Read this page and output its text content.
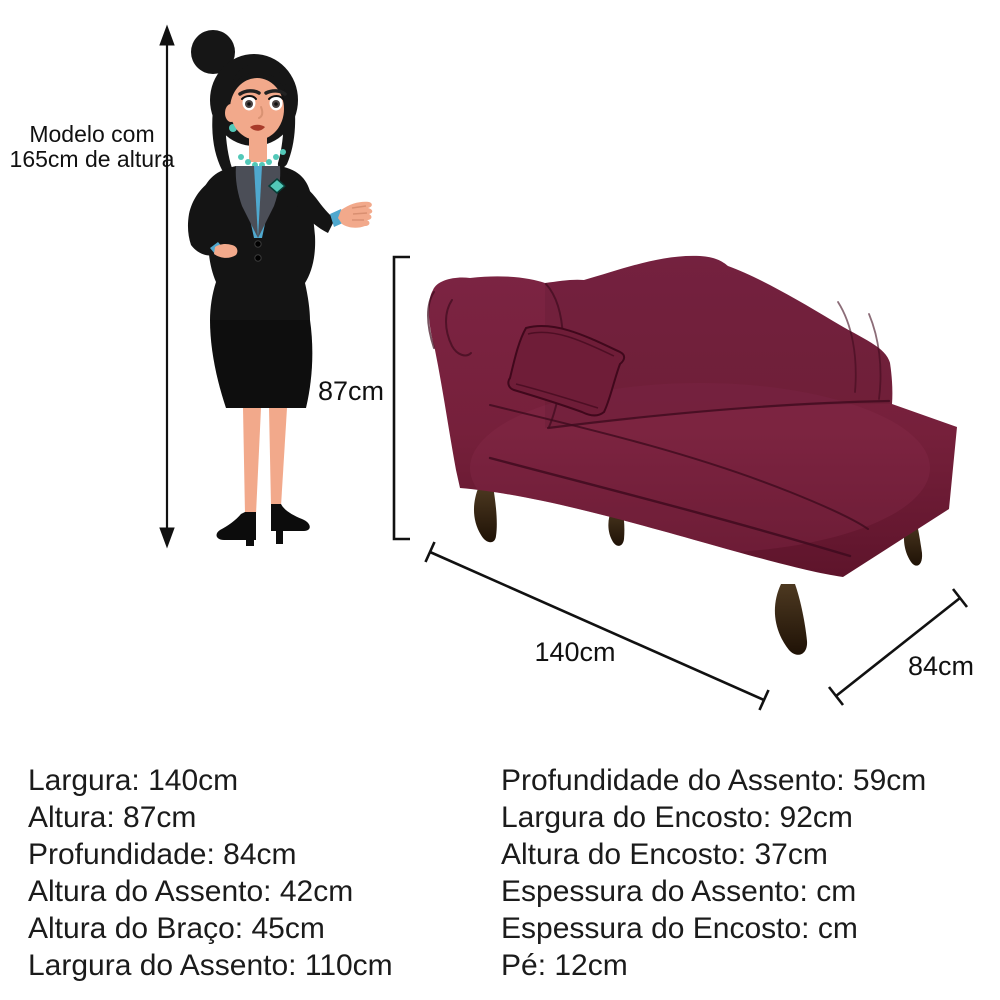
Modelo com
165cm de altura
87cm
140cm	84cm
Largura: 140cm
Altura: 87cm
Profundidade: 84cm
Altura do Assento: 42cm
Altura do Braço: 45cm
Largura do Assento: 110cm
Profundidade do Assento: 59cm
Largura do Encosto: 92cm
Altura do Encosto: 37cm
Espessura do Assento: cm
Espessura do Encosto: cm
Pé: 12cm
